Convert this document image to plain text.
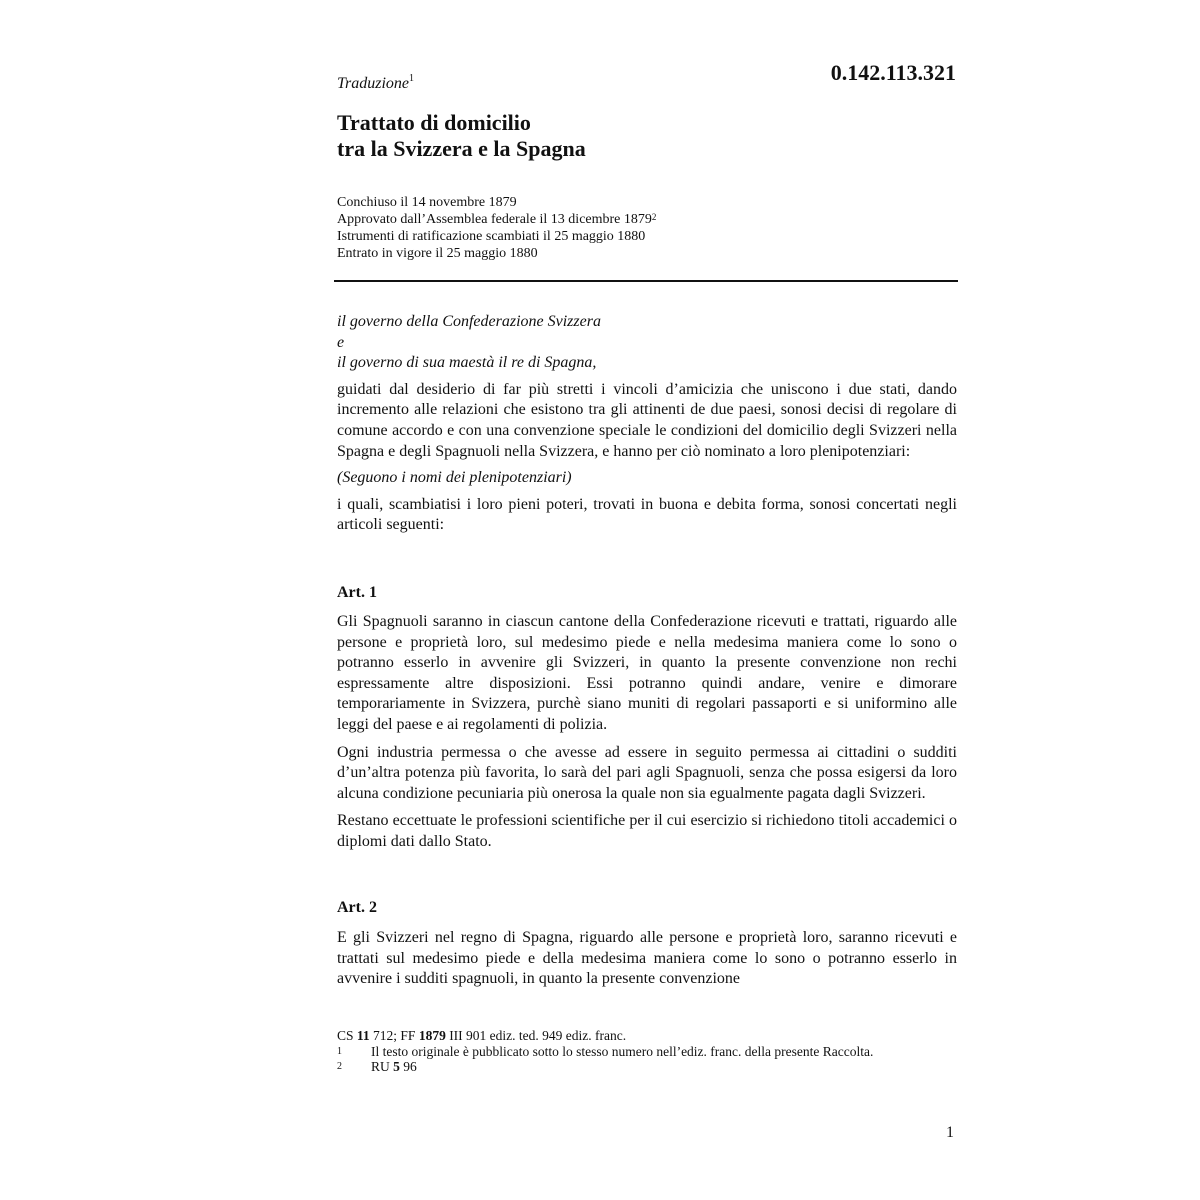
0.142.113.321
Traduzione$^1$
Trattato di domicilio
tra la Svizzera e la Spagna
Conchiuso il 14 novembre 1879
Approvato dall’Assemblea federale il 13 dicembre 1879$^2$
Istrumenti di ratificazione scambiati il 25 maggio 1880
Entrato in vigore il 25 maggio 1880
il governo della Confederazione Svizzera
e
il governo di sua maestà il re di Spagna,

guidati dal desiderio di far più stretti i vincoli d’amicizia che uniscono i due stati, dando incremento alle relazioni che esistono tra gli attinenti de due paesi, sonosi decisi di regolare di comune accordo e con una convenzione speciale le condizioni del domicilio degli Svizzeri nella Spagna e degli Spagnuoli nella Svizzera, e hanno per ciò nominato a loro plenipotenziari:

(Seguono i nomi dei plenipotenziari)

i quali, scambiatisi i loro pieni poteri, trovati in buona e debita forma, sonosi concertati negli articoli seguenti:

Art. 1

Gli Spagnuoli saranno in ciascun cantone della Confederazione ricevuti e trattati, riguardo alle persone e proprietà loro, sul medesimo piede e nella medesima maniera come lo sono o potranno esserlo in avvenire gli Svizzeri, in quanto la presente convenzione non rechi espressamente altre disposizioni. Essi potranno quindi andare, venire e dimorare temporariamente in Svizzera, purchè siano muniti di regolari passaporti e si uniformino alle leggi del paese e ai regolamenti di polizia.

Ogni industria permessa o che avesse ad essere in seguito permessa ai cittadini o sudditi d’un’altra potenza più favorita, lo sarà del pari agli Spagnuoli, senza che possa esigersi da loro alcuna condizione pecuniaria più onerosa la quale non sia egualmente pagata dagli Svizzeri.

Restano eccettuate le professioni scientifiche per il cui esercizio si richiedono titoli accademici o diplomi dati dallo Stato.

Art. 2

E gli Svizzeri nel regno di Spagna, riguardo alle persone e proprietà loro, saranno ricevuti e trattati sul medesimo piede e della medesima maniera come lo sono o potranno esserlo in avvenire i sudditi spagnuoli, in quanto la presente convenzione

CS 11 712; FF 1879 III 901 ediz. ted. 949 ediz. franc.
1	Il testo originale è pubblicato sotto lo stesso numero nell’ediz. franc. della presente Raccolta.
2	RU 5 96
1
